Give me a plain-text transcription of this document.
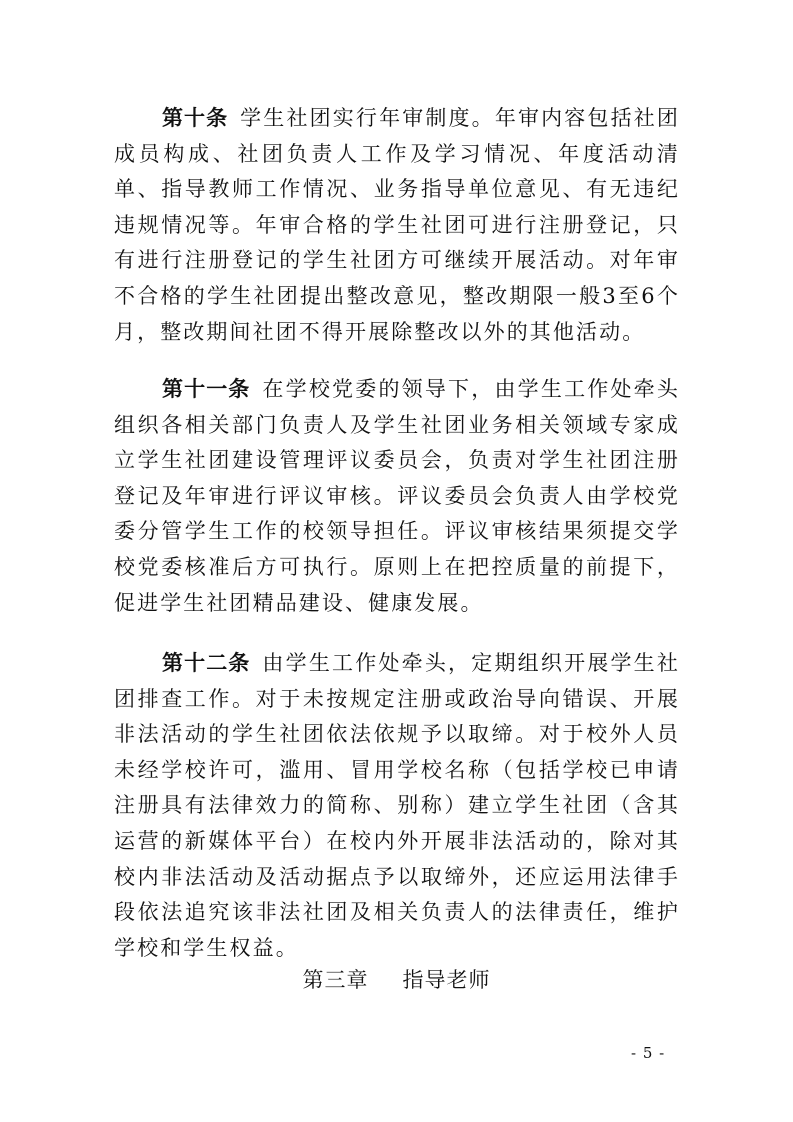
第十条 学生社团实行年审制度。年审内容包括社团成员构成、社团负责人工作及学习情况、年度活动清单、指导教师工作情况、业务指导单位意见、有无违纪违规情况等。年审合格的学生社团可进行注册登记，只有进行注册登记的学生社团方可继续开展活动。对年审不合格的学生社团提出整改意见，整改期限一般3至6个月，整改期间社团不得开展除整改以外的其他活动。

第十一条 在学校党委的领导下，由学生工作处牵头组织各相关部门负责人及学生社团业务相关领域专家成立学生社团建设管理评议委员会，负责对学生社团注册登记及年审进行评议审核。评议委员会负责人由学校党委分管学生工作的校领导担任。评议审核结果须提交学校党委核准后方可执行。原则上在把控质量的前提下，促进学生社团精品建设、健康发展。

第十二条 由学生工作处牵头，定期组织开展学生社团排查工作。对于未按规定注册或政治导向错误、开展非法活动的学生社团依法依规予以取缔。对于校外人员未经学校许可，滥用、冒用学校名称（包括学校已申请注册具有法律效力的简称、别称）建立学生社团（含其运营的新媒体平台）在校内外开展非法活动的，除对其校内非法活动及活动据点予以取缔外，还应运用法律手段依法追究该非法社团及相关负责人的法律责任，维护学校和学生权益。

第三章 指导老师

- 5 -
